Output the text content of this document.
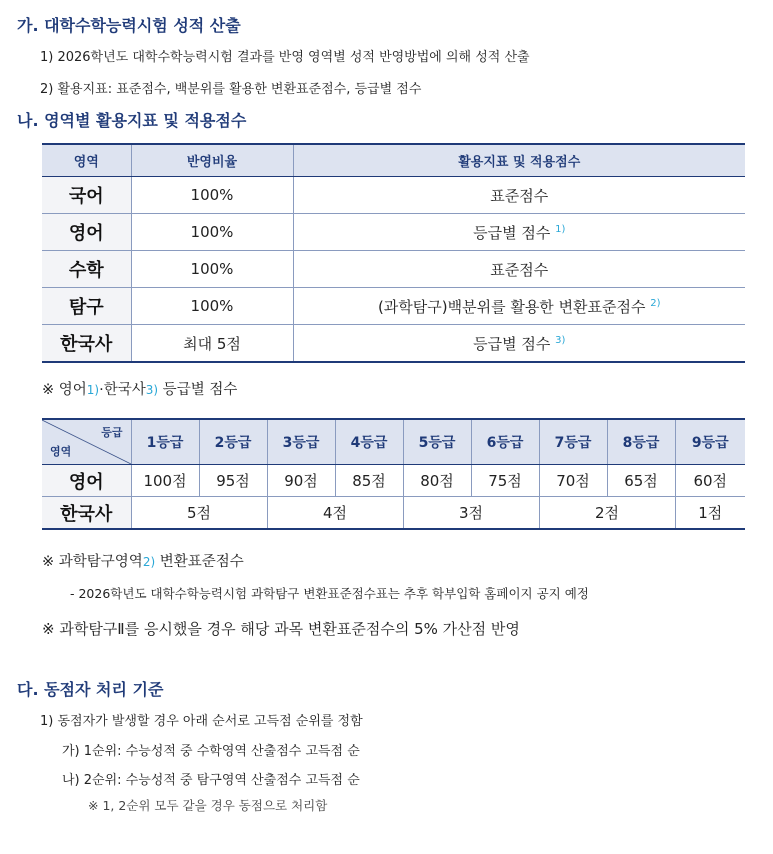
가. 대학수학능력시험 성적 산출
1) 2026학년도 대학수학능력시험 결과를 반영 영역별 성적 반영방법에 의해 성적 산출
2) 활용지표: 표준점수, 백분위를 활용한 변환표준점수, 등급별 점수
나. 영역별 활용지표 및 적용점수
영역	반영비율	활용지표 및 적용점수
국어	100%	표준점수
영어	100%	등급별 점수 $^{1)}$
수학	100%	표준점수
탐구	100%	(과학탐구)백분위를 활용한 변환표준점수 $^{2)}$
한국사	최대 5점	등급별 점수 $^{3)}$
※ 영어1)·한국사3) 등급별 점수
등급
영역	1등급	2등급	3등급	4등급	5등급	6등급	7등급	8등급	9등급
영어	100점	95점	90점	85점	80점	75점	70점	65점	60점
한국사	5점		4점		3점		2점		1점
※ 과학탐구영역2) 변환표준점수
- 2026학년도 대학수학능력시험 과학탐구 변환표준점수표는 추후 학부입학 홈페이지 공지 예정
※ 과학탐구Ⅱ를 응시했을 경우 해당 과목 변환표준점수의 5% 가산점 반영
다. 동점자 처리 기준
1) 동점자가 발생할 경우 아래 순서로 고득점 순위를 정함
가) 1순위: 수능성적 중 수학영역 산출점수 고득점 순
나) 2순위: 수능성적 중 탐구영역 산출점수 고득점 순
※ 1, 2순위 모두 같을 경우 동점으로 처리함
